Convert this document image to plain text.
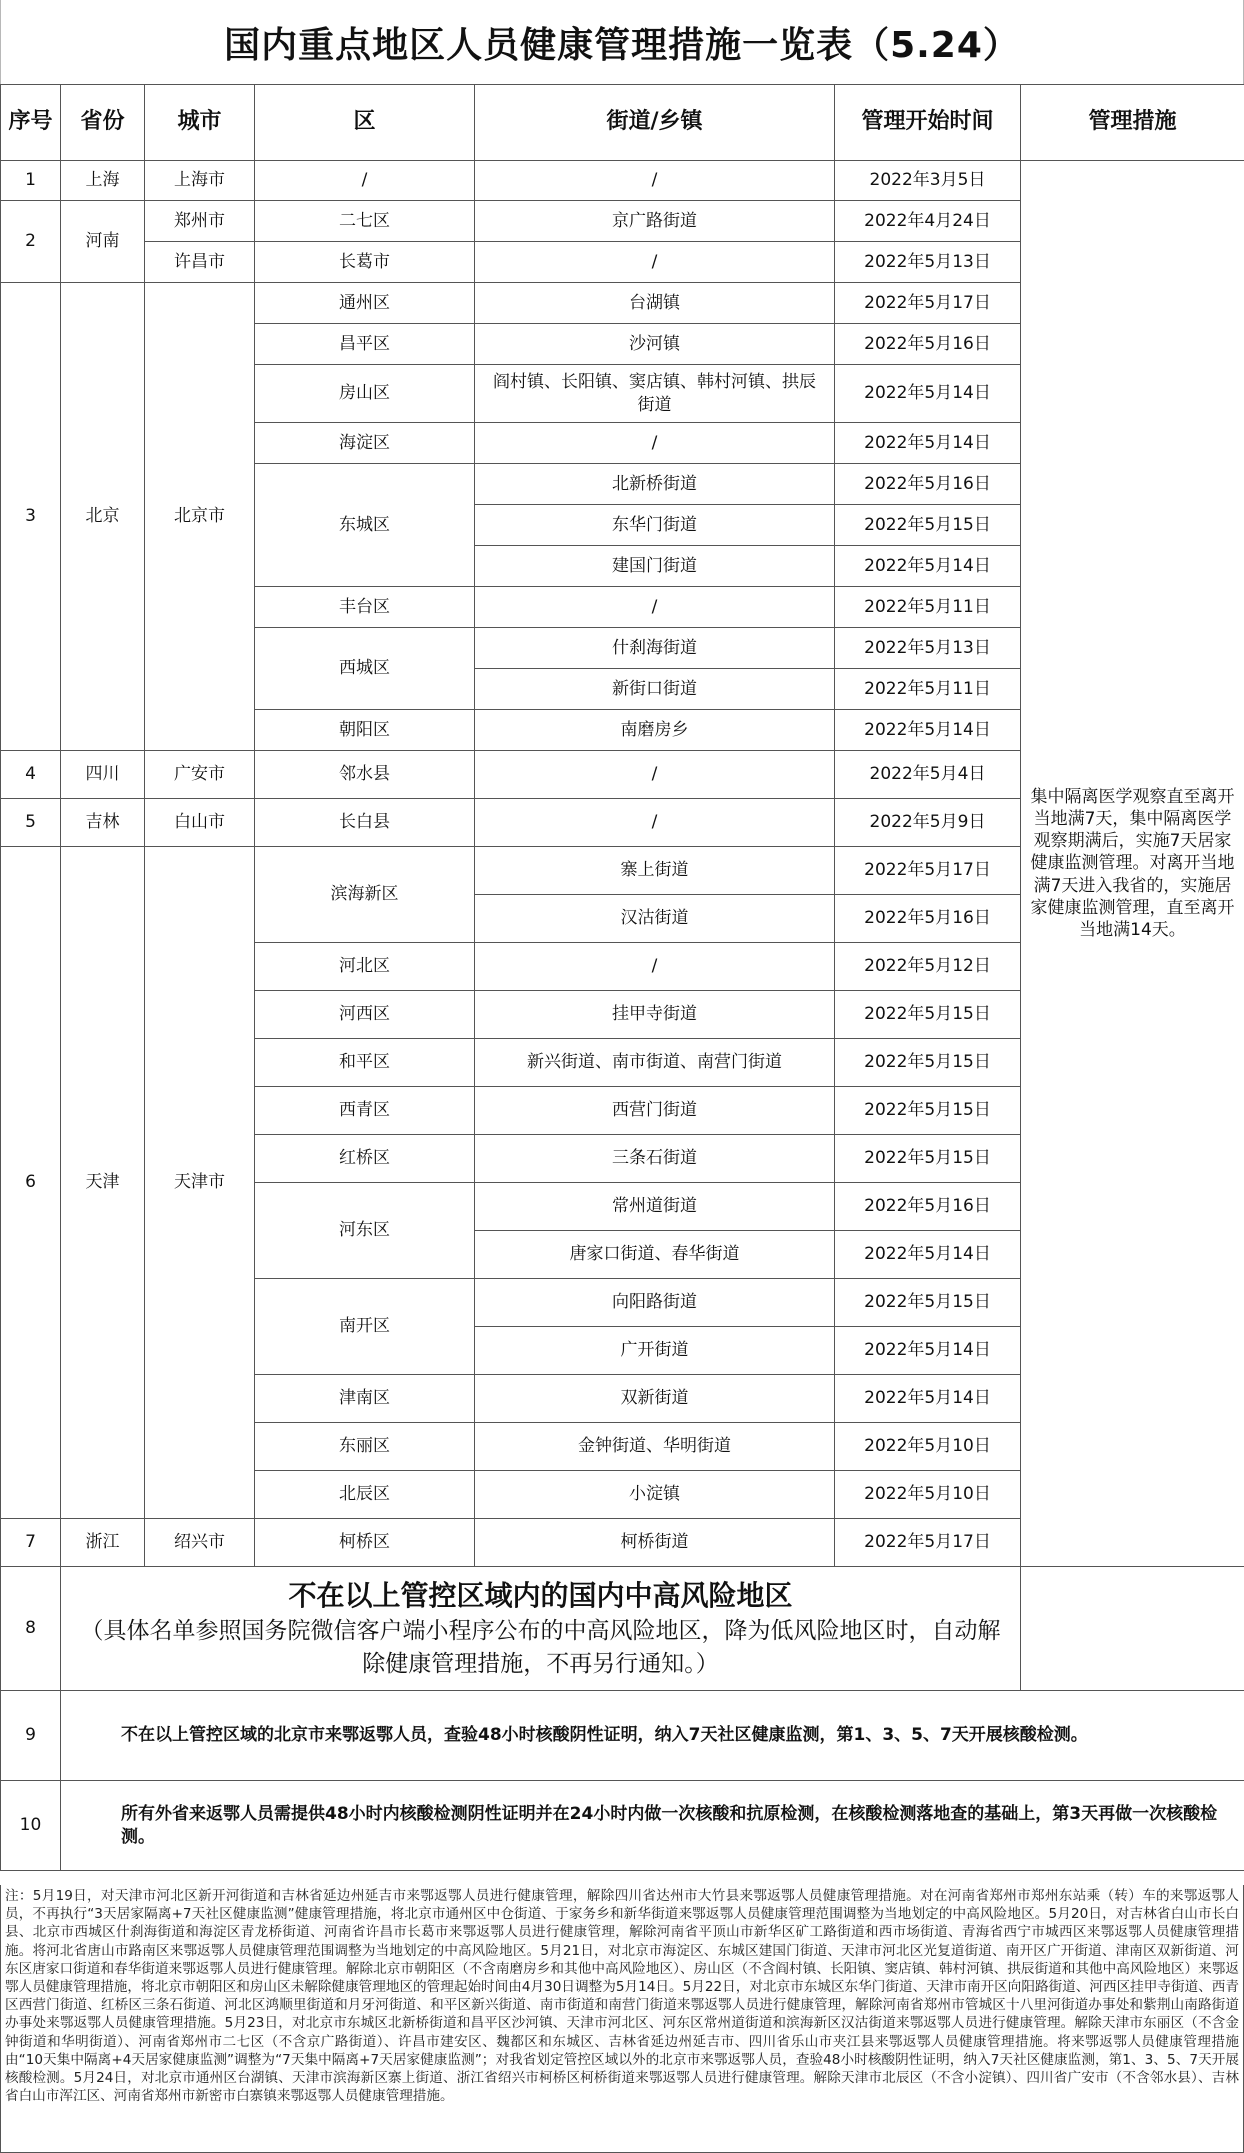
国内重点地区人员健康管理措施一览表（5.24）
序号	省份	城市	区	街道/乡镇	管理开始时间	管理措施
1	上海	上海市	/	/	2022年3月5日	集中隔离医学观察直至离开当地满7天，集中隔离医学观察期满后，实施7天居家健康监测管理。对离开当地满7天进入我省的，实施居家健康监测管理，直至离开当地满14天。
2	河南	郑州市	二七区	京广路街道	2022年4月24日	
		许昌市	长葛市	/	2022年5月13日	
3	北京	北京市	通州区	台湖镇	2022年5月17日	
			昌平区	沙河镇	2022年5月16日	
			房山区	阎村镇、长阳镇、窦店镇、韩村河镇、拱辰街道	2022年5月14日	
			海淀区	/	2022年5月14日	
			东城区	北新桥街道	2022年5月16日	
				东华门街道	2022年5月15日	
				建国门街道	2022年5月14日	
			丰台区	/	2022年5月11日	
			西城区	什刹海街道	2022年5月13日	
				新街口街道	2022年5月11日	
			朝阳区	南磨房乡	2022年5月14日	
4	四川	广安市	邻水县	/	2022年5月4日	
5	吉林	白山市	长白县	/	2022年5月9日	
6	天津	天津市	滨海新区	寨上街道	2022年5月17日	
				汉沽街道	2022年5月16日	
			河北区	/	2022年5月12日	
			河西区	挂甲寺街道	2022年5月15日	
			和平区	新兴街道、南市街道、南营门街道	2022年5月15日	
			西青区	西营门街道	2022年5月15日	
			红桥区	三条石街道	2022年5月15日	
			河东区	常州道街道	2022年5月16日	
				唐家口街道、春华街道	2022年5月14日	
			南开区	向阳路街道	2022年5月15日	
				广开街道	2022年5月14日	
			津南区	双新街道	2022年5月14日	
			东丽区	金钟街道、华明街道	2022年5月10日	
			北辰区	小淀镇	2022年5月10日	
7	浙江	绍兴市	柯桥区	柯桥街道	2022年5月17日	
8	不在以上管控区域内的国内中高风险地区
（具体名单参照国务院微信客户端小程序公布的中高风险地区，降为低风险地区时，自动解除健康管理措施，不再另行通知。）					

9	不在以上管控区域的北京市来鄂返鄂人员，查验48小时核酸阴性证明，纳入7天社区健康监测，第1、3、5、7天开展核酸检测。					
10	所有外省来返鄂人员需提供48小时内核酸检测阴性证明并在24小时内做一次核酸和抗原检测，在核酸检测落地查的基础上，第3天再做一次核酸检测。					
注：5月19日，对天津市河北区新开河街道和吉林省延边州延吉市来鄂返鄂人员进行健康管理，解除四川省达州市大竹县来鄂返鄂人员健康管理措施。对在河南省郑州市郑州东站乘（转）车的来鄂返鄂人员，不再执行“3天居家隔离+7天社区健康监测”健康管理措施，将北京市通州区中仓街道、于家务乡和新华街道来鄂返鄂人员健康管理范围调整为当地划定的中高风险地区。5月20日，对吉林省白山市长白县、北京市西城区什刹海街道和海淀区青龙桥街道、河南省许昌市长葛市来鄂返鄂人员进行健康管理，解除河南省平顶山市新华区矿工路街道和西市场街道、青海省西宁市城西区来鄂返鄂人员健康管理措施。将河北省唐山市路南区来鄂返鄂人员健康管理范围调整为当地划定的中高风险地区。5月21日，对北京市海淀区、东城区建国门街道、天津市河北区光复道街道、南开区广开街道、津南区双新街道、河东区唐家口街道和春华街道来鄂返鄂人员进行健康管理。解除北京市朝阳区（不含南磨房乡和其他中高风险地区）、房山区（不含阎村镇、长阳镇、窦店镇、韩村河镇、拱辰街道和其他中高风险地区）来鄂返鄂人员健康管理措施，将北京市朝阳区和房山区未解除健康管理地区的管理起始时间由4月30日调整为5月14日。5月22日，对北京市东城区东华门街道、天津市南开区向阳路街道、河西区挂甲寺街道、西青区西营门街道、红桥区三条石街道、河北区鸿顺里街道和月牙河街道、和平区新兴街道、南市街道和南营门街道来鄂返鄂人员进行健康管理，解除河南省郑州市管城区十八里河街道办事处和紫荆山南路街道办事处来鄂返鄂人员健康管理措施。5月23日，对北京市东城区北新桥街道和昌平区沙河镇、天津市河北区、河东区常州道街道和滨海新区汉沽街道来鄂返鄂人员进行健康管理。解除天津市东丽区（不含金钟街道和华明街道）、河南省郑州市二七区（不含京广路街道）、许昌市建安区、魏都区和东城区、吉林省延边州延吉市、四川省乐山市夹江县来鄂返鄂人员健康管理措施。将来鄂返鄂人员健康管理措施由“10天集中隔离+4天居家健康监测”调整为“7天集中隔离+7天居家健康监测”；对我省划定管控区域以外的北京市来鄂返鄂人员，查验48小时核酸阴性证明，纳入7天社区健康监测，第1、3、5、7天开展核酸检测。5月24日，对北京市通州区台湖镇、天津市滨海新区寨上街道、浙江省绍兴市柯桥区柯桥街道来鄂返鄂人员进行健康管理。解除天津市北辰区（不含小淀镇）、四川省广安市（不含邻水县）、吉林省白山市浑江区、河南省郑州市新密市白寨镇来鄂返鄂人员健康管理措施。
